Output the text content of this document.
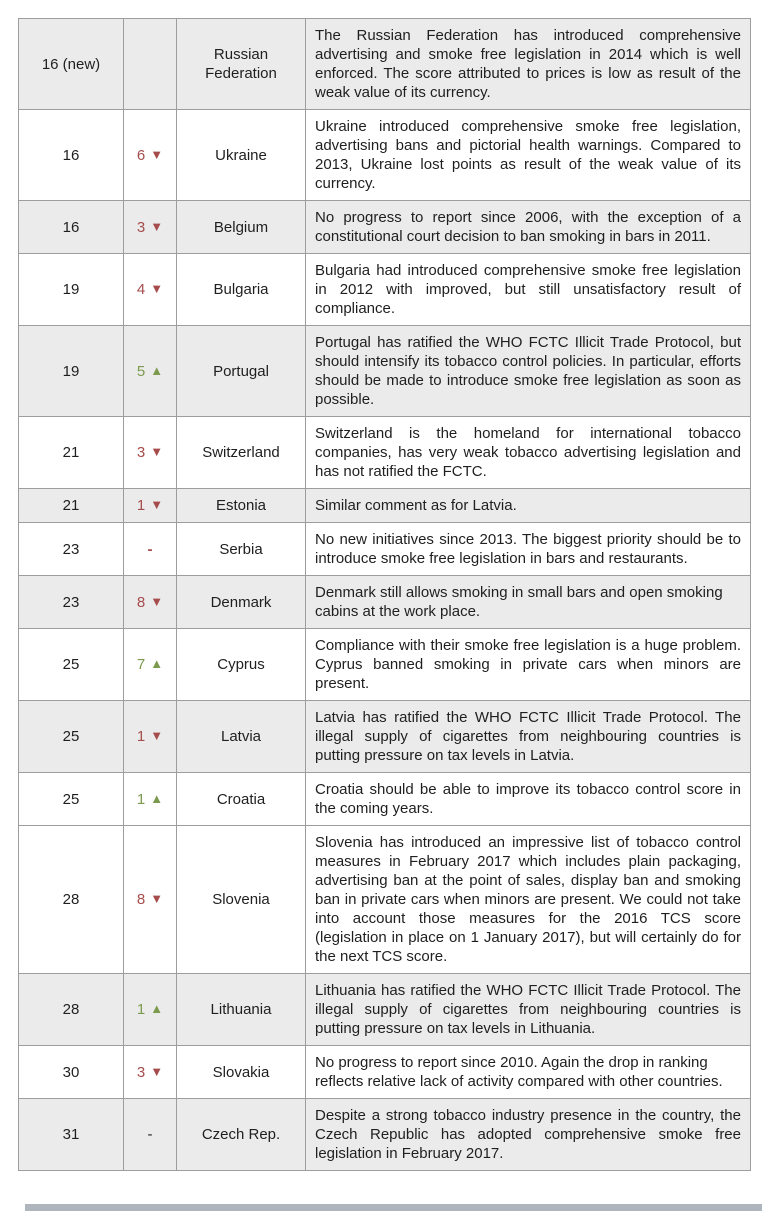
16 (new)		Russian Federation	The Russian Federation has introduced comprehensive advertising and smoke free legislation in 2014 which is well enforced. The score attributed to prices is low as result of the weak value of its currency.
16	6 ▼	Ukraine	Ukraine introduced comprehensive smoke free legislation, advertising bans and pictorial health warnings. Compared to 2013, Ukraine lost points as result of the weak value of its currency.
16	3 ▼	Belgium	No progress to report since 2006, with the exception of a constitutional court decision to ban smoking in bars in 2011.
19	4 ▼	Bulgaria	Bulgaria had introduced comprehensive smoke free legislation in 2012 with improved, but still unsatisfactory result of compliance.
19	5 ▲	Portugal	Portugal has ratified the WHO FCTC Illicit Trade Protocol, but should intensify its tobacco control policies. In particular, efforts should be made to introduce smoke free legislation as soon as possible.
21	3 ▼	Switzerland	Switzerland is the homeland for international tobacco companies, has very weak tobacco advertising legislation and has not ratified the FCTC.
21	1 ▼	Estonia	Similar comment as for Latvia.
23	-	Serbia	No new initiatives since 2013. The biggest priority should be to introduce smoke free legislation in bars and restaurants.
23	8 ▼	Denmark	Denmark still allows smoking in small bars and open smoking cabins at the work place.
25	7 ▲	Cyprus	Compliance with their smoke free legislation is a huge problem. Cyprus banned smoking in private cars when minors are present.
25	1 ▼	Latvia	Latvia has ratified the WHO FCTC Illicit Trade Protocol. The illegal supply of cigarettes from neighbouring countries is putting pressure on tax levels in Latvia.
25	1 ▲	Croatia	Croatia should be able to improve its tobacco control score in the coming years.
28	8 ▼	Slovenia	Slovenia has introduced an impressive list of tobacco control measures in February 2017 which includes plain packaging, advertising ban at the point of sales, display ban and smoking ban in private cars when minors are present. We could not take into account those measures for the 2016 TCS score (legislation in place on 1 January 2017), but will certainly do for the next TCS score.
28	1 ▲	Lithuania	Lithuania has ratified the WHO FCTC Illicit Trade Protocol. The illegal supply of cigarettes from neighbouring countries is putting pressure on tax levels in Lithuania.
30	3 ▼	Slovakia	No progress to report since 2010. Again the drop in ranking reflects relative lack of activity compared with other countries.
31	-	Czech Rep.	Despite a strong tobacco industry presence in the country, the Czech Republic has adopted comprehensive smoke free legislation in February 2017.
